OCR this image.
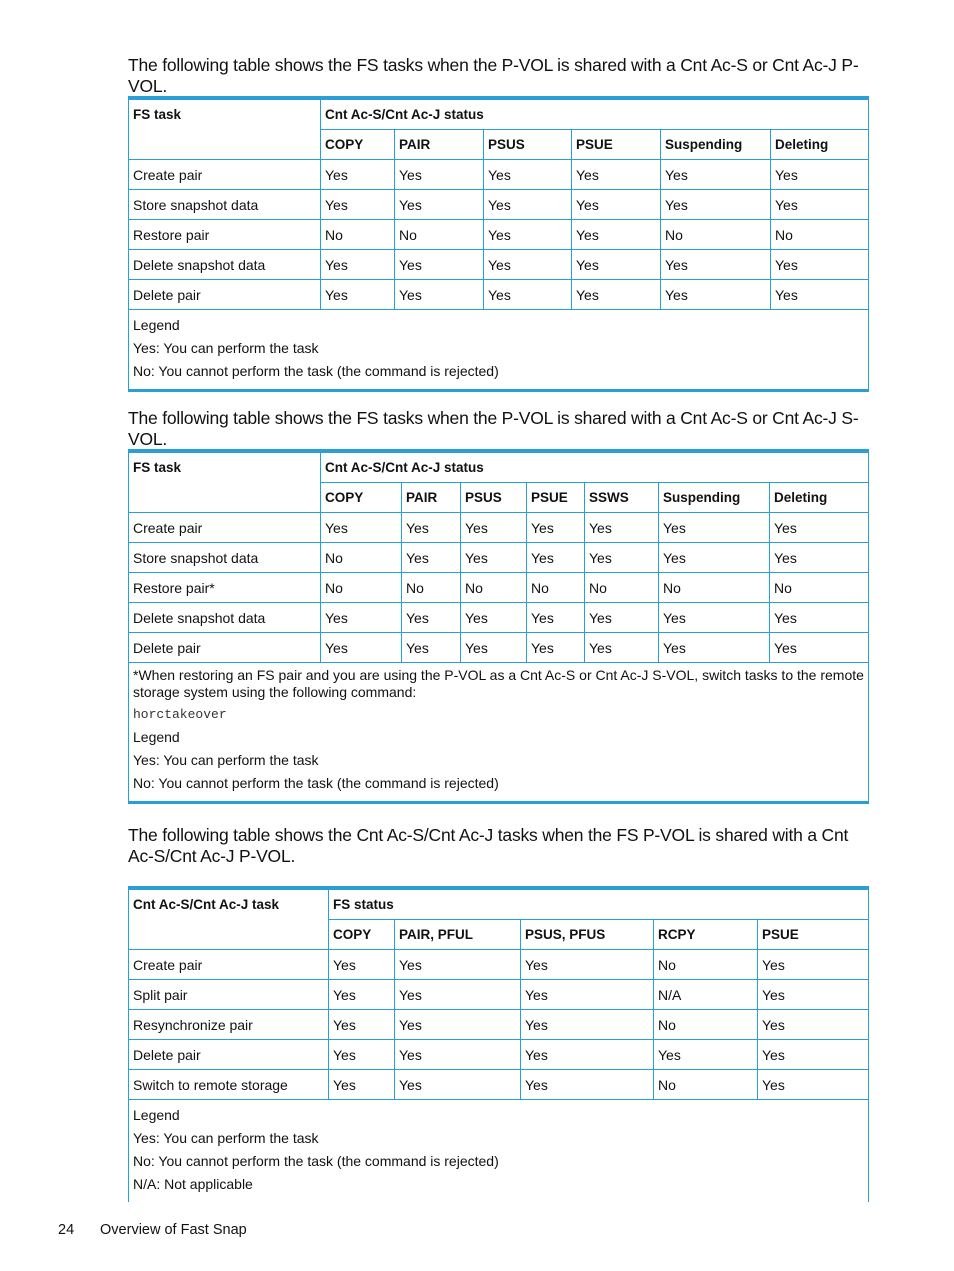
The following table shows the FS tasks when the P-VOL is shared with a Cnt Ac-S or Cnt Ac-J P-VOL.

FS task	Cnt Ac-S/Cnt Ac-J status					
	COPY	PAIR	PSUS	PSUE	Suspending	Deleting
Create pair	Yes	Yes	Yes	Yes	Yes	Yes
Store snapshot data	Yes	Yes	Yes	Yes	Yes	Yes
Restore pair	No	No	Yes	Yes	No	No
Delete snapshot data	Yes	Yes	Yes	Yes	Yes	Yes
Delete pair	Yes	Yes	Yes	Yes	Yes	Yes

Legend
Yes: You can perform the task
No: You cannot perform the task (the command is rejected)						

The following table shows the FS tasks when the P-VOL is shared with a Cnt Ac-S or Cnt Ac-J S-VOL.

FS task	Cnt Ac-S/Cnt Ac-J status						
	COPY	PAIR	PSUS	PSUE	SSWS	Suspending	Deleting
Create pair	Yes	Yes	Yes	Yes	Yes	Yes	Yes
Store snapshot data	No	Yes	Yes	Yes	Yes	Yes	Yes
Restore pair*	No	No	No	No	No	No	No
Delete snapshot data	Yes	Yes	Yes	Yes	Yes	Yes	Yes
Delete pair	Yes	Yes	Yes	Yes	Yes	Yes	Yes

*When restoring an FS pair and you are using the P-VOL as a Cnt Ac-S or Cnt Ac-J S-VOL, switch tasks to the remote storage system using the following command:
horctakeover
Legend
Yes: You can perform the task
No: You cannot perform the task (the command is rejected)							

The following table shows the Cnt Ac-S/Cnt Ac-J tasks when the FS P-VOL is shared with a Cnt Ac-S/Cnt Ac-J P-VOL.

Cnt Ac-S/Cnt Ac-J task	FS status				
	COPY	PAIR, PFUL	PSUS, PFUS	RCPY	PSUE
Create pair	Yes	Yes	Yes	No	Yes
Split pair	Yes	Yes	Yes	N/A	Yes
Resynchronize pair	Yes	Yes	Yes	No	Yes
Delete pair	Yes	Yes	Yes	Yes	Yes
Switch to remote storage	Yes	Yes	Yes	No	Yes

Legend
Yes: You can perform the task
No: You cannot perform the task (the command is rejected)
N/A: Not applicable					
24 Overview of Fast Snap
